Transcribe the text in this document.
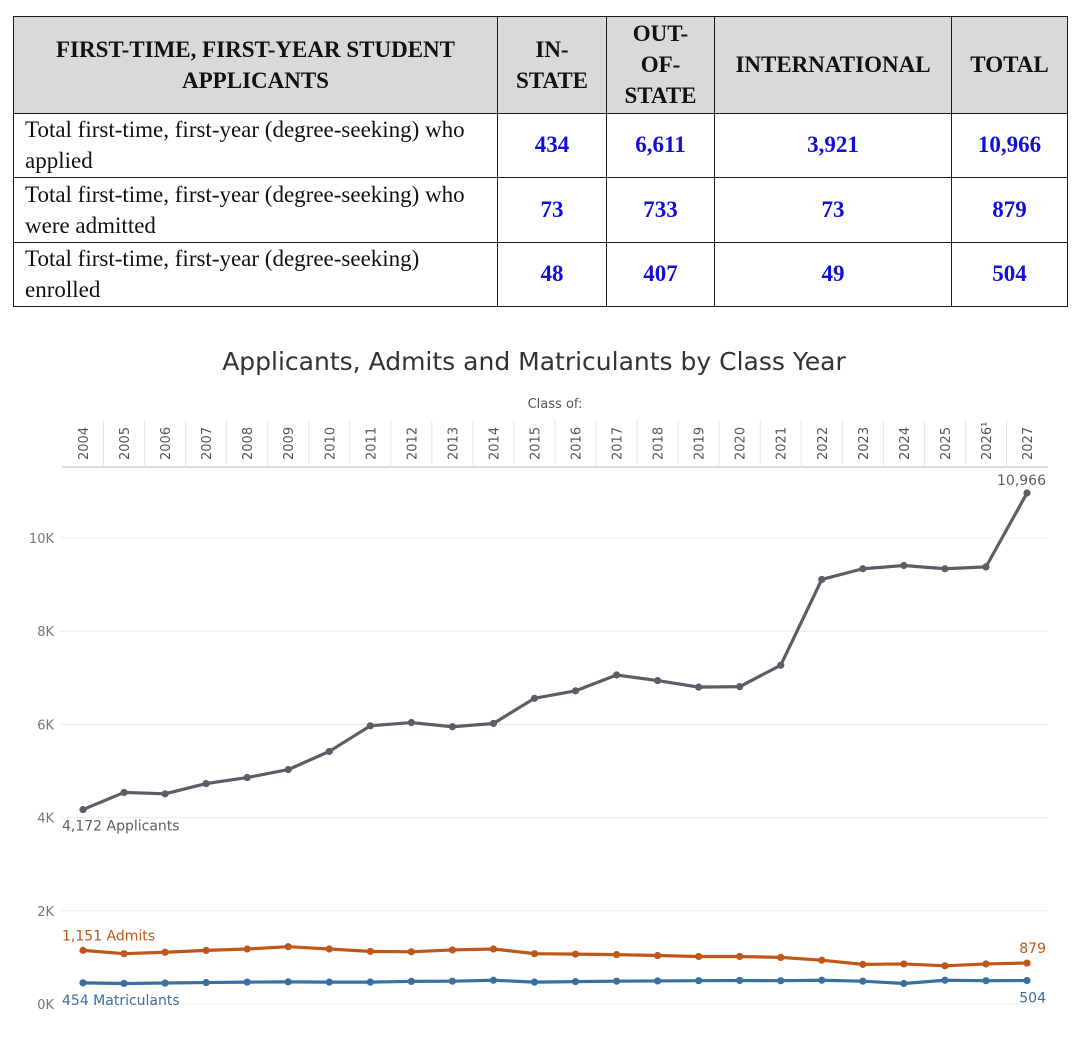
FIRST-TIME, FIRST-YEAR STUDENT APPLICANTS	IN-STATE	OUT-OF-STATE	INTERNATIONAL	TOTAL
Total first-time, first-year (degree-seeking) who applied	434	6,611	3,921	10,966
Total first-time, first-year (degree-seeking) who were admitted	73	733	73	879
Total first-time, first-year (degree-seeking) enrolled	48	407	49	504
Applicants, Admits and Matriculants by Class Year
Class of:
2004 2005 2006 2007 2008 2009 2010 2011 2012 2013 2014 2015 2016 2017 2018 2019 2020 2021 2022 2023 2024 2025 2026¹ 2027
0K
2K
4K
6K
8K
10K
4,172 Applicants
10,966
1,151 Admits
879
454 Matriculants	504
